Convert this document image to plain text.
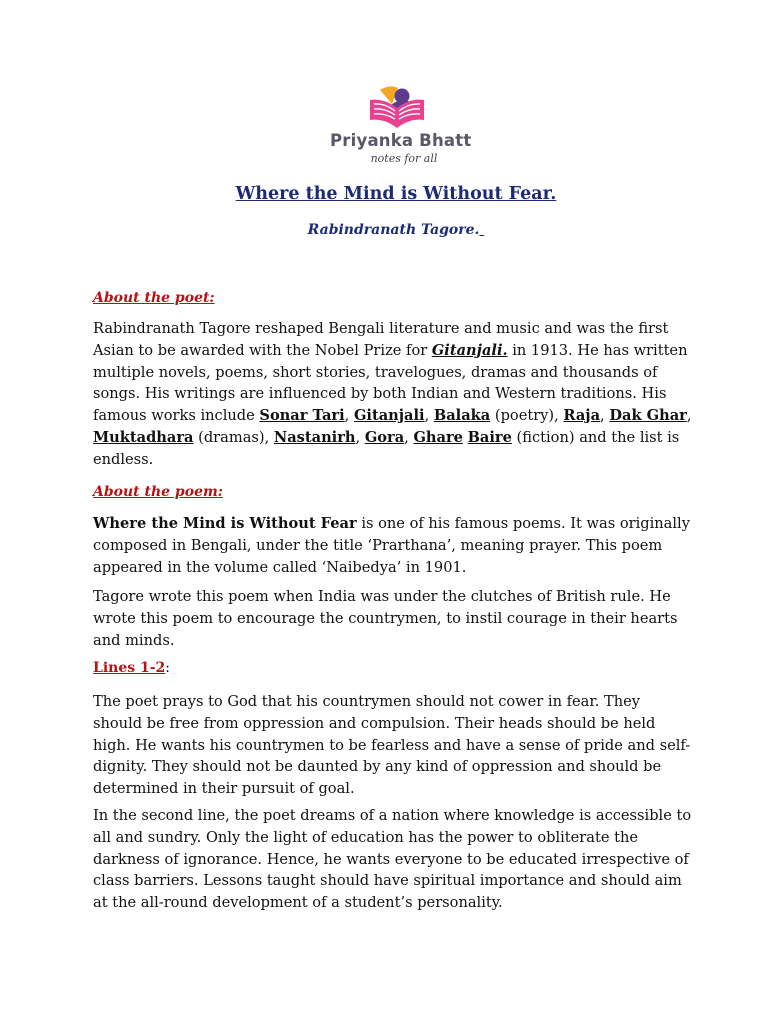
Priyanka Bhatt
notes for all
Where the Mind is Without Fear.
Rabindranath Tagore.
About the poet:
Rabindranath Tagore reshaped Bengali literature and music and was the first
Asian to be awarded with the Nobel Prize for Gitanjali. in 1913. He has written
multiple novels, poems, short stories, travelogues, dramas and thousands of
songs. His writings are influenced by both Indian and Western traditions. His
famous works include Sonar Tari, Gitanjali, Balaka (poetry), Raja, Dak Ghar,
Muktadhara (dramas), Nastanirh, Gora, Ghare Baire (fiction) and the list is
endless.
About the poem:
Where the Mind is Without Fear is one of his famous poems. It was originally
composed in Bengali, under the title ‘Prarthana’, meaning prayer. This poem
appeared in the volume called ‘Naibedya’ in 1901.
Tagore wrote this poem when India was under the clutches of British rule. He
wrote this poem to encourage the countrymen, to instil courage in their hearts
and minds.
Lines 1-2:
The poet prays to God that his countrymen should not cower in fear. They
should be free from oppression and compulsion. Their heads should be held
high. He wants his countrymen to be fearless and have a sense of pride and self-
dignity. They should not be daunted by any kind of oppression and should be
determined in their pursuit of goal.
In the second line, the poet dreams of a nation where knowledge is accessible to
all and sundry. Only the light of education has the power to obliterate the
darkness of ignorance. Hence, he wants everyone to be educated irrespective of
class barriers. Lessons taught should have spiritual importance and should aim
at the all-round development of a student’s personality.
